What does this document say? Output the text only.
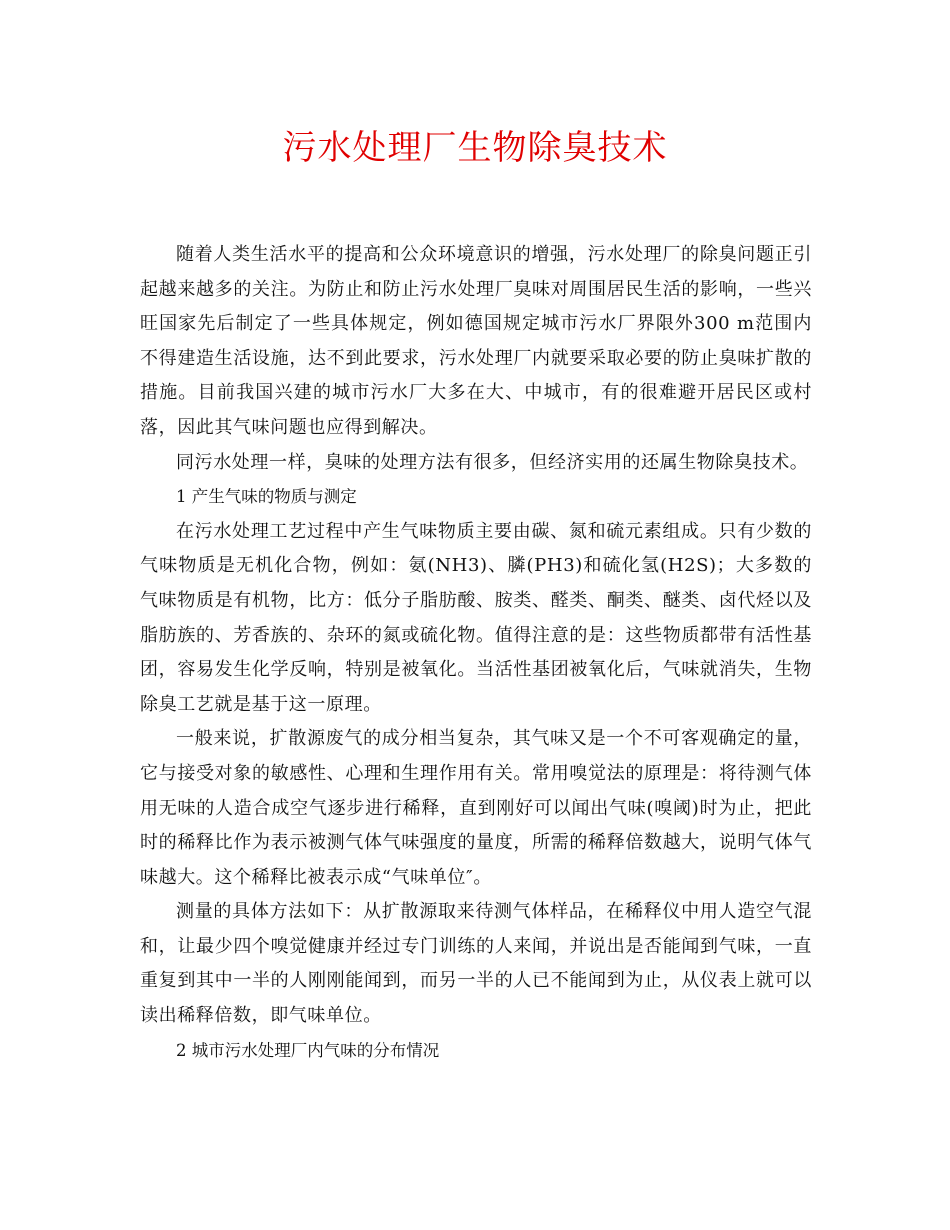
污水处理厂生物除臭技术

随着人类生活水平的提高和公众环境意识的增强，污水处理厂的除臭问题正引起越来越多的关注。为防止和防止污水处理厂臭味对周围居民生活的影响，一些兴旺国家先后制定了一些具体规定，例如德国规定城市污水厂界限外300 m范围内不得建造生活设施，达不到此要求，污水处理厂内就要采取必要的防止臭味扩散的措施。目前我国兴建的城市污水厂大多在大、中城市，有的很难避开居民区或村落，因此其气味问题也应得到解决。

同污水处理一样，臭味的处理方法有很多，但经济实用的还属生物除臭技术。

1 产生气味的物质与测定

在污水处理工艺过程中产生气味物质主要由碳、氮和硫元素组成。只有少数的气味物质是无机化合物，例如：氨(NH3)、膦(PH3)和硫化氢(H2S)；大多数的气味物质是有机物，比方：低分子脂肪酸、胺类、醛类、酮类、醚类、卤代烃以及脂肪族的、芳香族的、杂环的氮或硫化物。值得注意的是：这些物质都带有活性基团，容易发生化学反响，特别是被氧化。当活性基团被氧化后，气味就消失，生物除臭工艺就是基于这一原理。

一般来说，扩散源废气的成分相当复杂，其气味又是一个不可客观确定的量，它与接受对象的敏感性、心理和生理作用有关。常用嗅觉法的原理是：将待测气体用无味的人造合成空气逐步进行稀释，直到刚好可以闻出气味(嗅阈)时为止，把此时的稀释比作为表示被测气体气味强度的量度，所需的稀释倍数越大，说明气体气味越大。这个稀释比被表示成“气味单位″。

测量的具体方法如下：从扩散源取来待测气体样品，在稀释仪中用人造空气混和，让最少四个嗅觉健康并经过专门训练的人来闻，并说出是否能闻到气味，一直重复到其中一半的人刚刚能闻到，而另一半的人已不能闻到为止，从仪表上就可以读出稀释倍数，即气味单位。

2 城市污水处理厂内气味的分布情况
